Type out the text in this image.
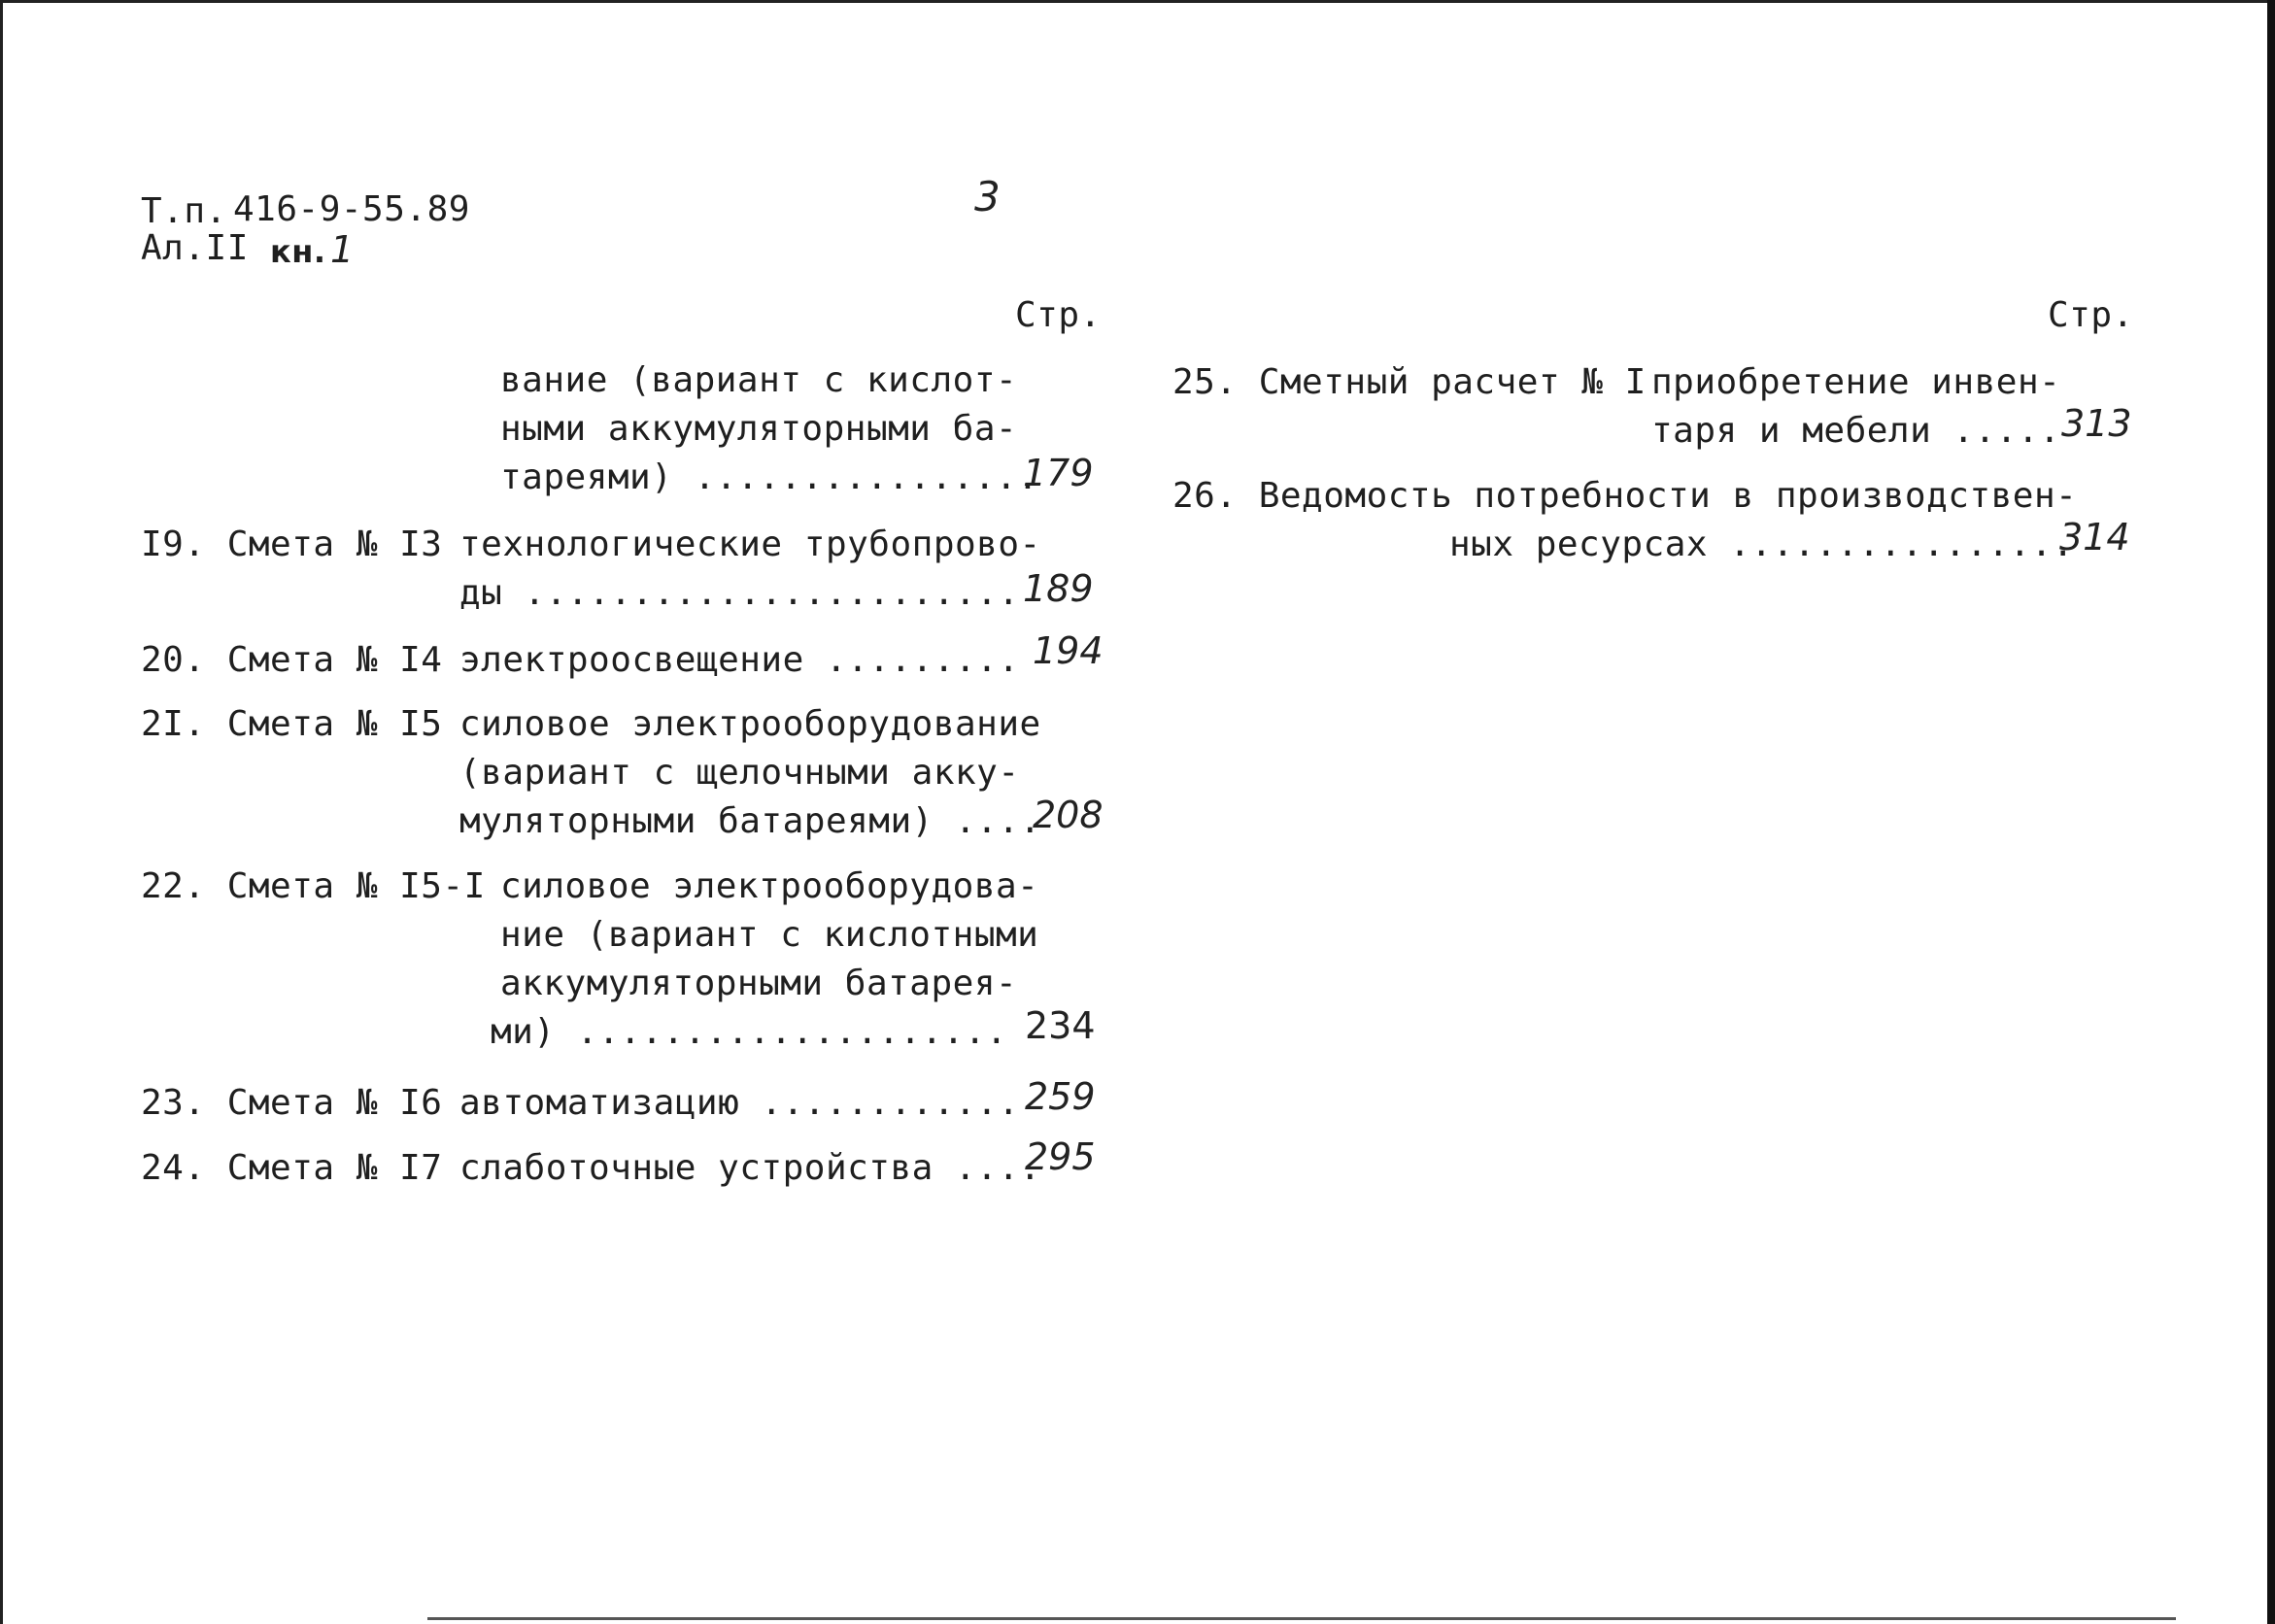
Т.п. 416-9-55.89
Ал.II кн. 1
3
Стр.	Стр.
вание (вариант с кислот-
ными аккумуляторными ба-
тареями) ................
179
I9. Смета № I3 технологические трубопрово-
ды ....................... 189
20. Смета № I4 электроосвещение ......... 194
2I. Смета № I5 силовое электрооборудование
(вариант с щелочными акку-
муляторными батареями) ....
208
22. Смета № I5-I силовое электрооборудова-
ние (вариант с кислотными
аккумуляторными батарея-
ми) .................... 234
23. Смета № I6 автоматизацию ............ 259
24. Смета № I7 слаботочные устройства ....
295
25. Сметный расчет № I приобретение инвен-
таря и мебели ..... 313
26. Ведомость потребности в производствен-
ных ресурсах ................
314
